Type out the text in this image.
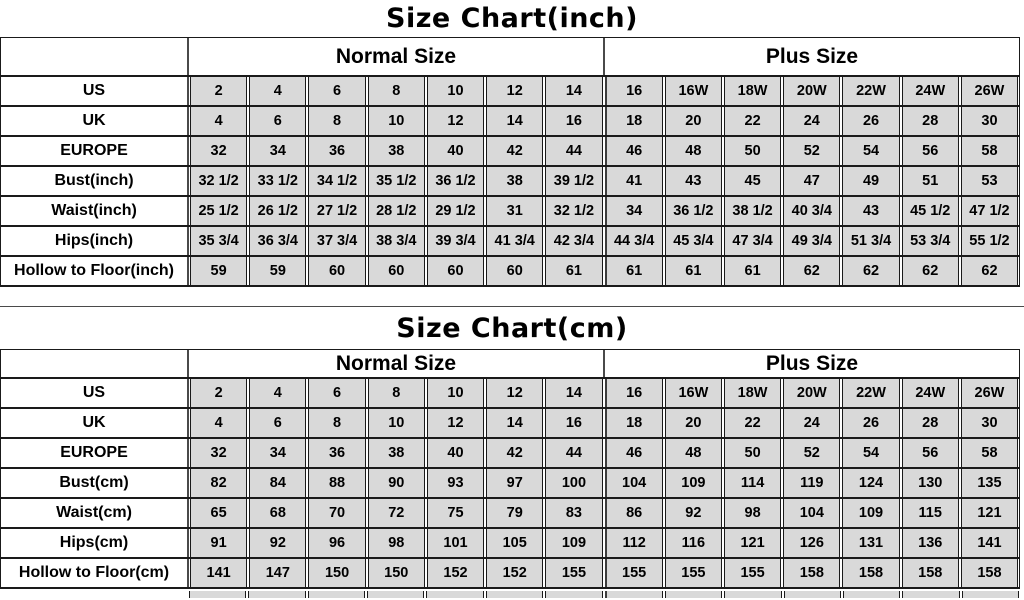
Size Chart(inch)
Normal Size	Plus Size
US	2	4	6	8	10	12	14	16	16W	18W	20W	22W	24W	26W
UK	4	6	8	10	12	14	16	18	20	22	24	26	28	30
EUROPE	32	34	36	38	40	42	44	46	48	50	52	54	56	58
Bust(inch)	32 1/2	33 1/2	34 1/2	35 1/2	36 1/2	38	39 1/2	41	43	45	47	49	51	53
Waist(inch)	25 1/2	26 1/2	27 1/2	28 1/2	29 1/2	31	32 1/2	34	36 1/2	38 1/2	40 3/4	43	45 1/2	47 1/2
Hips(inch)	35 3/4	36 3/4	37 3/4	38 3/4	39 3/4	41 3/4	42 3/4	44 3/4	45 3/4	47 3/4	49 3/4	51 3/4	53 3/4	55 1/2
Hollow to Floor(inch)	59	59	60	60	60	60	61	61	61	61	62	62	62	62
Size Chart(cm)
Normal Size	Plus Size
US	2	4	6	8	10	12	14	16	16W	18W	20W	22W	24W	26W
UK	4	6	8	10	12	14	16	18	20	22	24	26	28	30
EUROPE	32	34	36	38	40	42	44	46	48	50	52	54	56	58
Bust(cm)	82	84	88	90	93	97	100	104	109	114	119	124	130	135
Waist(cm)	65	68	70	72	75	79	83	86	92	98	104	109	115	121
Hips(cm)	91	92	96	98	101	105	109	112	116	121	126	131	136	141
Hollow to Floor(cm)	141	147	150	150	152	152	155	155	155	155	158	158	158	158
